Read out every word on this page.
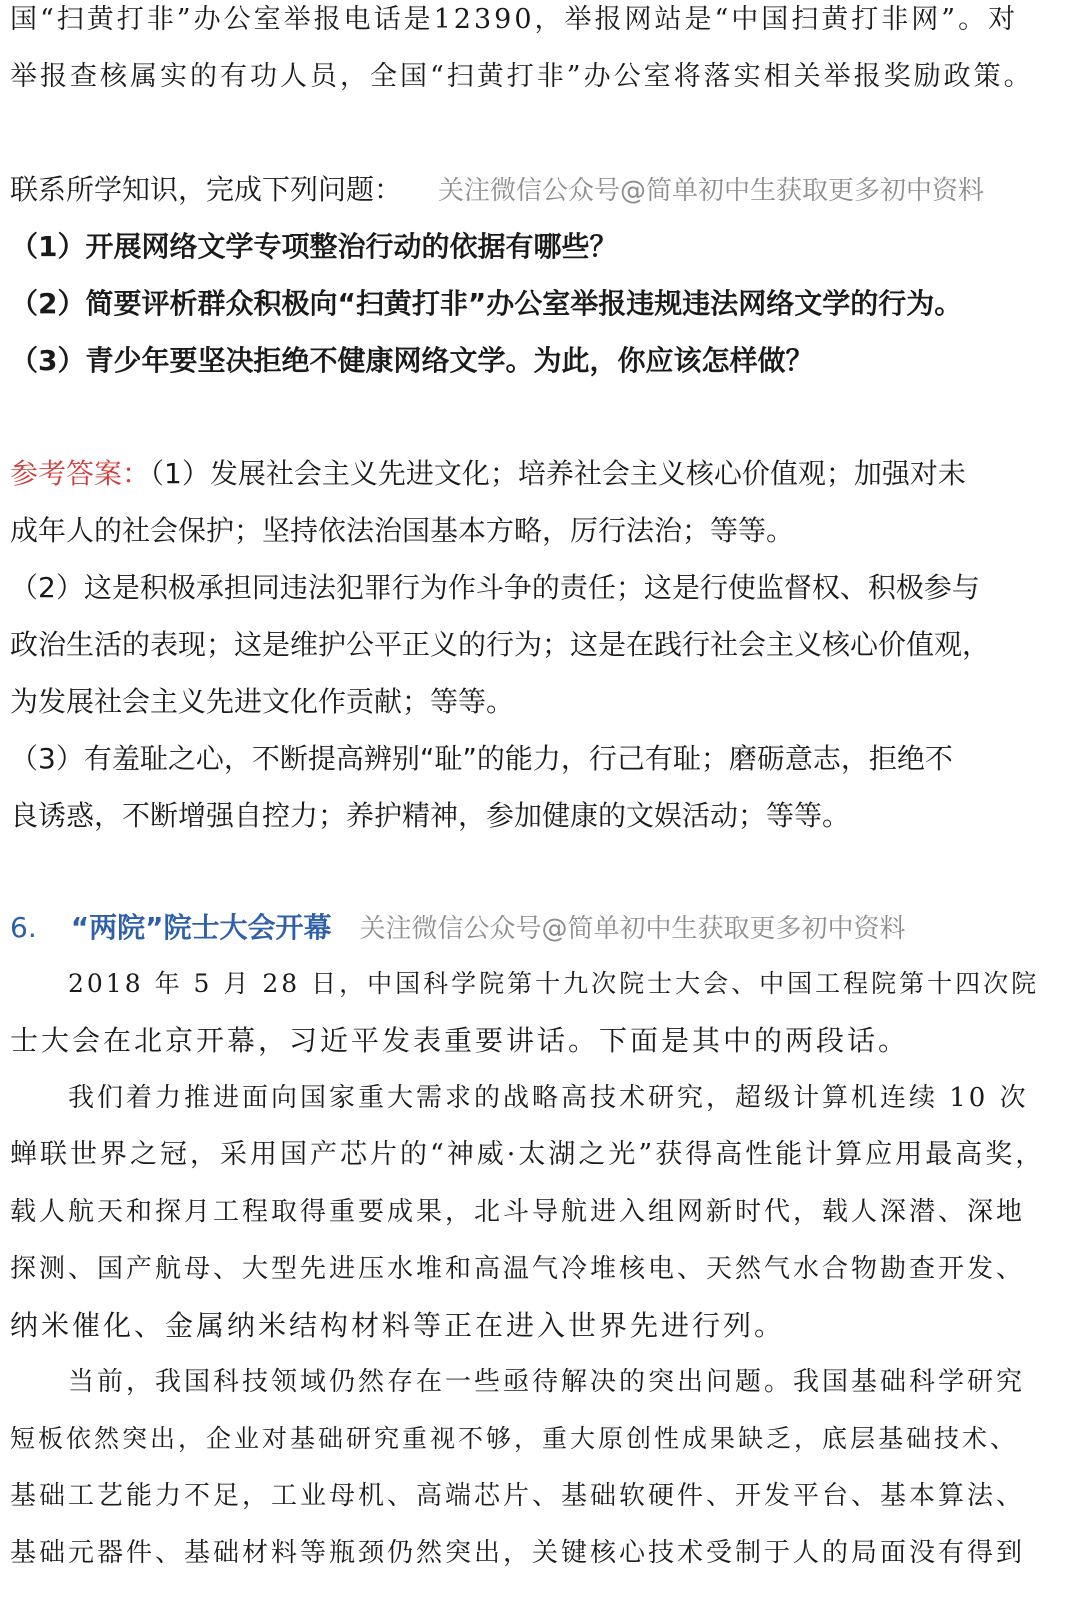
国“扫黄打非”办公室举报电话是12390，举报网站是“中国扫黄打非网”。对
举报查核属实的有功人员，全国“扫黄打非”办公室将落实相关举报奖励政策。
联系所学知识，完成下列问题： 关注微信公众号@简单初中生获取更多初中资料
（1）开展网络文学专项整治行动的依据有哪些？
（2）简要评析群众积极向“扫黄打非”办公室举报违规违法网络文学的行为。
（3）青少年要坚决拒绝不健康网络文学。为此，你应该怎样做？
参考答案：（1）发展社会主义先进文化；培养社会主义核心价值观；加强对未
成年人的社会保护；坚持依法治国基本方略，厉行法治；等等。
（2）这是积极承担同违法犯罪行为作斗争的责任；这是行使监督权、积极参与
政治生活的表现；这是维护公平正义的行为；这是在践行社会主义核心价值观，
为发展社会主义先进文化作贡献；等等。
（3）有羞耻之心，不断提高辨别“耻”的能力，行己有耻；磨砺意志，拒绝不
良诱惑，不断增强自控力；养护精神，参加健康的文娱活动；等等。
6. “两院”院士大会开幕 关注微信公众号@简单初中生获取更多初中资料
2018 年 5 月 28 日，中国科学院第十九次院士大会、中国工程院第十四次院
士大会在北京开幕，习近平发表重要讲话。下面是其中的两段话。
我们着力推进面向国家重大需求的战略高技术研究，超级计算机连续 10 次
蝉联世界之冠，采用国产芯片的“神威·太湖之光”获得高性能计算应用最高奖，
载人航天和探月工程取得重要成果，北斗导航进入组网新时代，载人深潜、深地
探测、国产航母、大型先进压水堆和高温气冷堆核电、天然气水合物勘查开发、
纳米催化、金属纳米结构材料等正在进入世界先进行列。
当前，我国科技领域仍然存在一些亟待解决的突出问题。我国基础科学研究
短板依然突出，企业对基础研究重视不够，重大原创性成果缺乏，底层基础技术、
基础工艺能力不足，工业母机、高端芯片、基础软硬件、开发平台、基本算法、
基础元器件、基础材料等瓶颈仍然突出，关键核心技术受制于人的局面没有得到
